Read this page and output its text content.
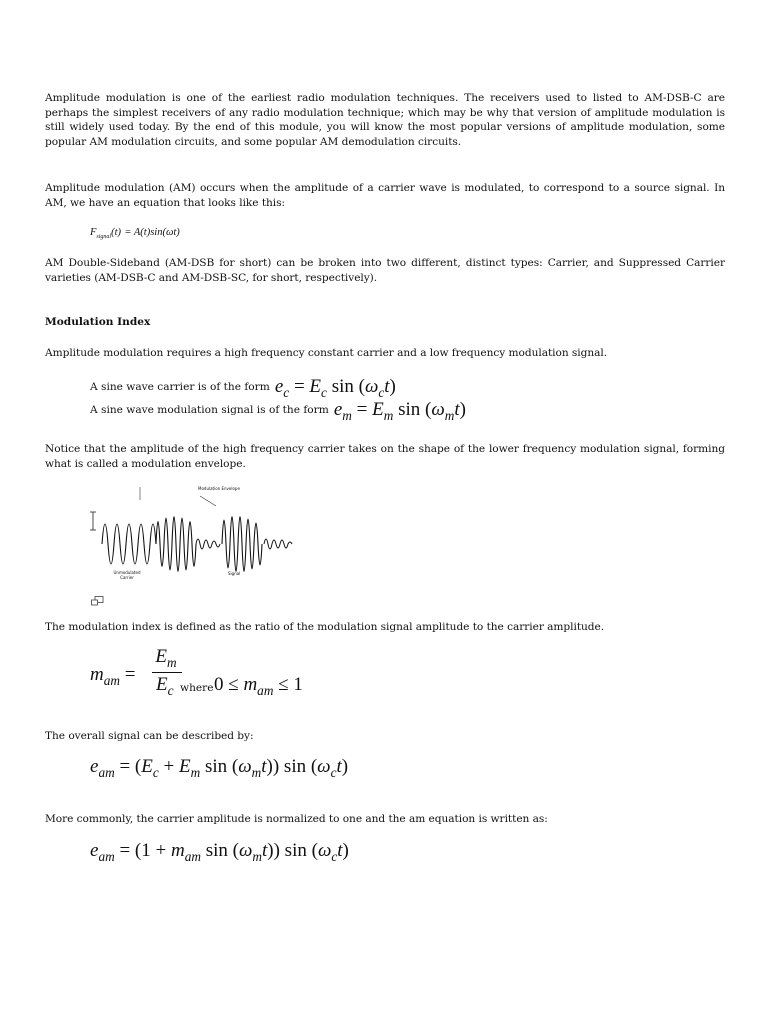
Amplitude modulation is one of the earliest radio modulation techniques. The receivers used to listed to AM-DSB-C are perhaps the simplest receivers of any radio modulation technique; which may be why that version of amplitude modulation is still widely used today. By the end of this module, you will know the most popular versions of amplitude modulation, some popular AM modulation circuits, and some popular AM demodulation circuits.

Amplitude modulation (AM) occurs when the amplitude of a carrier wave is modulated, to correspond to a source signal. In AM, we have an equation that looks like this:

$F_{signal}(t) = A(t)\sin(\omega t)$

AM Double-Sideband (AM-DSB for short) can be broken into two different, distinct types: Carrier, and Suppressed Carrier varieties (AM-DSB-C and AM-DSB-SC, for short, respectively).

Modulation Index

Amplitude modulation requires a high frequency constant carrier and a low frequency modulation signal.

A sine wave carrier is of the form $e_c = E_c$ $\sin (\omega_ct)$
A sine wave modulation signal is of the form $e_m = E_m$ $\sin (\omega_mt)$

Notice that the amplitude of the high frequency carrier takes on the shape of the lower frequency modulation signal, forming what is called a modulation envelope.

Modulation Envelope
Unmodulated Carrier
Signal

The modulation index is defined as the ratio of the modulation signal amplitude to the carrier amplitude.

$m_{am}$ =
$E_m$
$E_c$ where $0 \le m_{am} \le 1$

The overall signal can be described by:

$e_{am} = (E_c + E_m$ $\sin (\omega_mt)$) $\sin (\omega_ct)$

More commonly, the carrier amplitude is normalized to one and the am equation is written as:

$e_{am} = (1 + m_{am}$ $\sin (\omega_mt)$) $\sin (\omega_ct)$
